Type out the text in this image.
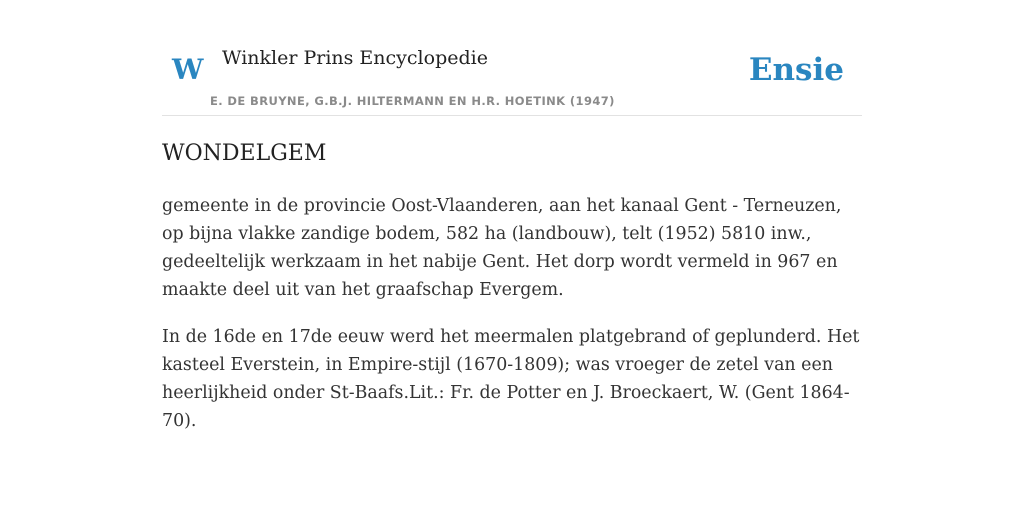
W Winkler Prins Encyclopedie
E. DE BRUYNE, G.B.J. HILTERMANN EN H.R. HOETINK (1947)
Ensie
WONDELGEM

gemeente in de provincie Oost-Vlaanderen, aan het kanaal Gent - Terneuzen, op bijna vlakke zandige bodem, 582 ha (landbouw), telt (1952) 5810 inw., gedeeltelijk werkzaam in het nabije Gent. Het dorp wordt vermeld in 967 en maakte deel uit van het graafschap Evergem.

In de 16de en 17de eeuw werd het meermalen platgebrand of geplunderd. Het kasteel Everstein, in Empire-stijl (1670-1809); was vroeger de zetel van een heerlijkheid onder St-Baafs.Lit.: Fr. de Potter en J. Broeckaert, W. (Gent 1864-70).
